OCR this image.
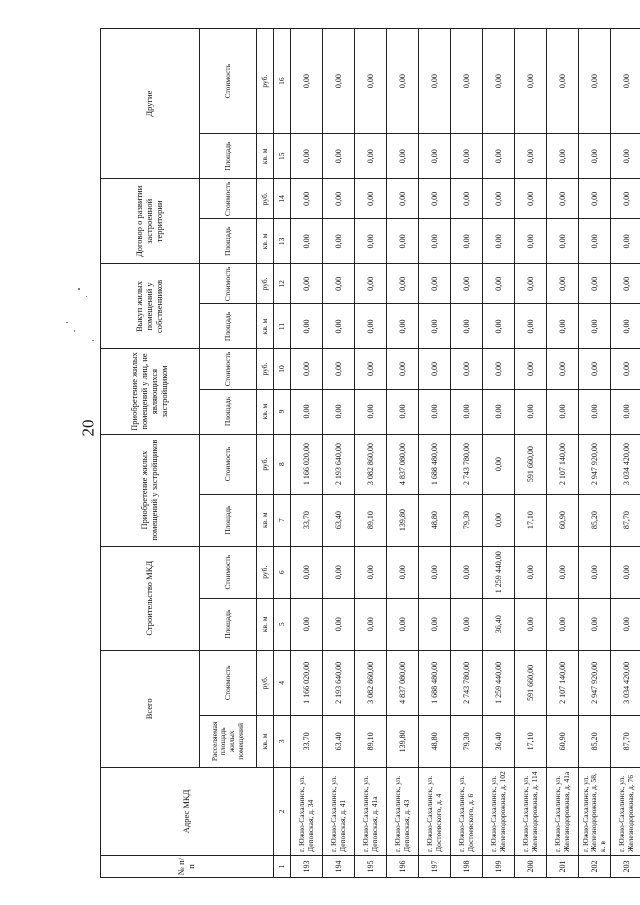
20
№ п/п	Адрес МКД	Всего		Строительство МКД		Приобретение жилых помещений у застройщиков		Приобретение жилых помещений у лиц, не являющихся застройщиком		Выкуп жилых помещений у собственников		Договор о развитии застроенной территории		Другие	
		Расселяемая площадь жилых помещений	Стоимость	Площадь	Стоимость	Площадь	Стоимость	Площадь	Стоимость	Площадь	Стоимость	Площадь	Стоимость	Площадь	Стоимость
		кв. м	руб.	кв. м	руб.	кв. м	руб.	кв. м	руб.	кв. м	руб.	кв. м	руб.	кв. м	руб.
1	2	3	4	5	6	7	8	9	10	11	12	13	14	15	16
193	г. Южно-Сахалинск, ул. Деповская, д. 34	33,70	1 166 020,00	0,00	0,00	33,70	1 166 020,00	0,00	0,00	0,00	0,00	0,00	0,00	0,00	0,00
194	г. Южно-Сахалинск, ул. Деповская, д. 41	63,40	2 193 640,00	0,00	0,00	63,40	2 193 640,00	0,00	0,00	0,00	0,00	0,00	0,00	0,00	0,00
195	г. Южно-Сахалинск, ул. Деповская, д. 41а	89,10	3 082 860,00	0,00	0,00	89,10	3 082 860,00	0,00	0,00	0,00	0,00	0,00	0,00	0,00	0,00
196	г. Южно-Сахалинск, ул. Деповская, д. 43	139,80	4 837 080,00	0,00	0,00	139,80	4 837 080,00	0,00	0,00	0,00	0,00	0,00	0,00	0,00	0,00
197	г. Южно-Сахалинск, ул. Достоевского, д. 4	48,80	1 688 480,00	0,00	0,00	48,80	1 688 480,00	0,00	0,00	0,00	0,00	0,00	0,00	0,00	0,00
198	г. Южно-Сахалинск, ул. Достоевского, д. 6	79,30	2 743 780,00	0,00	0,00	79,30	2 743 780,00	0,00	0,00	0,00	0,00	0,00	0,00	0,00	0,00
199	г. Южно-Сахалинск, ул. Железнодорожная, д. 102	36,40	1 259 440,00	36,40	1 259 440,00	0,00	0,00	0,00	0,00	0,00	0,00	0,00	0,00	0,00	0,00
200	г. Южно-Сахалинск, ул. Железнодорожная, д. 114	17,10	591 660,00	0,00	0,00	17,10	591 660,00	0,00	0,00	0,00	0,00	0,00	0,00	0,00	0,00
201	г. Южно-Сахалинск, ул. Железнодорожная, д. 41а	60,90	2 107 140,00	0,00	0,00	60,90	2 107 140,00	0,00	0,00	0,00	0,00	0,00	0,00	0,00	0,00
202	г. Южно-Сахалинск, ул. Железнодорожная, д. 58, к. в	85,20	2 947 920,00	0,00	0,00	85,20	2 947 920,00	0,00	0,00	0,00	0,00	0,00	0,00	0,00	0,00
203	г. Южно-Сахалинск, ул. Железнодорожная, д. 76	87,70	3 034 420,00	0,00	0,00	87,70	3 034 420,00	0,00	0,00	0,00	0,00	0,00	0,00	0,00	0,00
